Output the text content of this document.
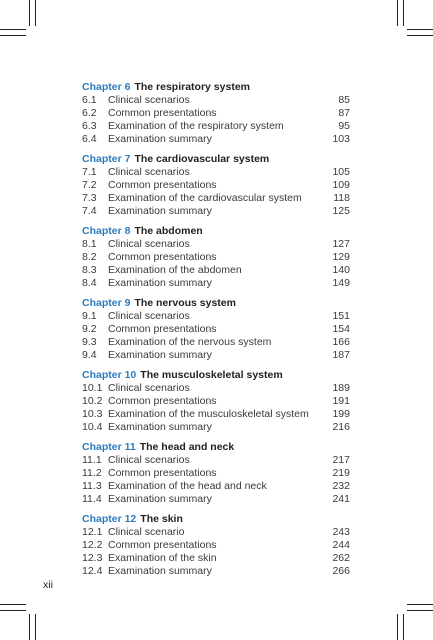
Chapter 6 The respiratory system
6.1	Clinical scenarios	85
6.2	Common presentations	87
6.3	Examination of the respiratory system	95
6.4	Examination summary	103
Chapter 7 The cardiovascular system
7.1	Clinical scenarios	105
7.2	Common presentations	109
7.3	Examination of the cardiovascular system	118
7.4	Examination summary	125
Chapter 8 The abdomen
8.1	Clinical scenarios	127
8.2	Common presentations	129
8.3	Examination of the abdomen	140
8.4	Examination summary	149
Chapter 9 The nervous system
9.1	Clinical scenarios	151
9.2	Common presentations	154
9.3	Examination of the nervous system	166
9.4	Examination summary	187
Chapter 10 The musculoskeletal system
10.1 Clinical scenarios	189
10.2 Common presentations	191
10.3 Examination of the musculoskeletal system	199
10.4 Examination summary	216
Chapter 11 The head and neck
11.1 Clinical scenarios	217
11.2 Common presentations	219
11.3 Examination of the head and neck	232
11.4 Examination summary	241
Chapter 12 The skin
12.1 Clinical scenario	243
12.2 Common presentations	244
12.3 Examination of the skin	262
12.4 Examination summary	266
xii
